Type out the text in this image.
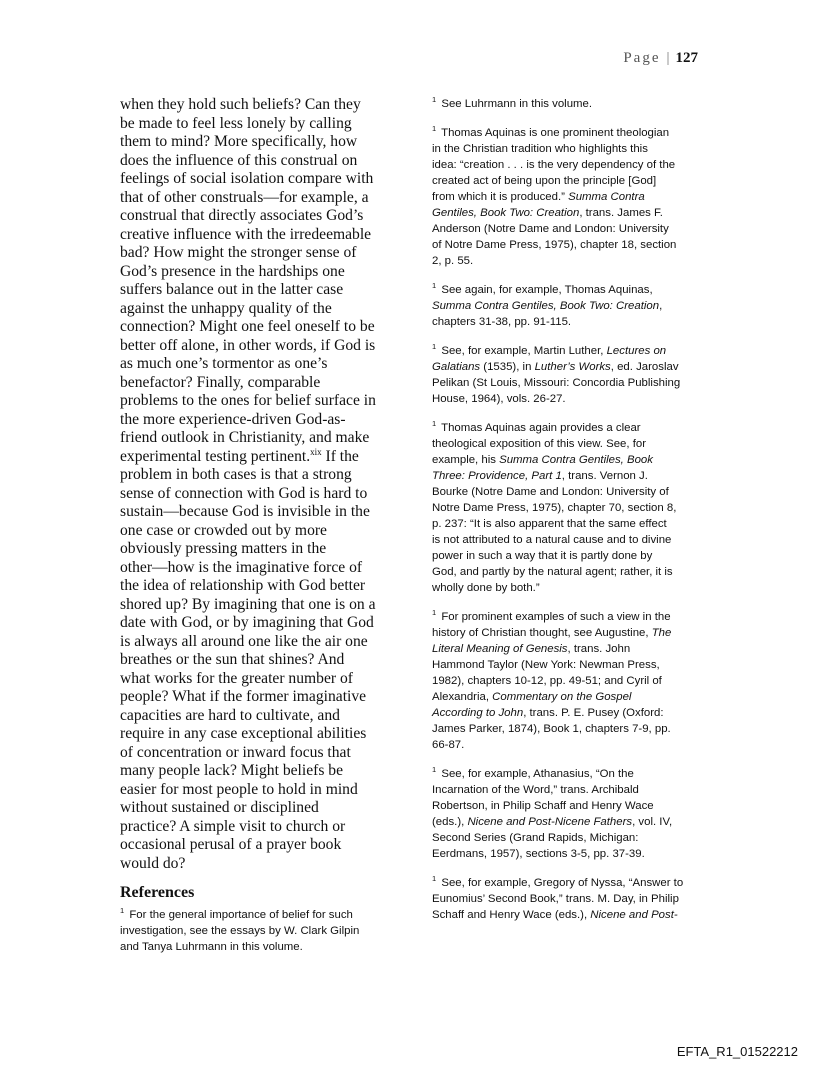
Page | 127
when they hold such beliefs? Can they
be made to feel less lonely by calling
them to mind? More specifically, how
does the influence of this construal on
feelings of social isolation compare with
that of other construals—for example, a
construal that directly associates God’s
creative influence with the irredeemable
bad? How might the stronger sense of
God’s presence in the hardships one
suffers balance out in the latter case
against the unhappy quality of the
connection? Might one feel oneself to be
better off alone, in other words, if God is
as much one’s tormentor as one’s
benefactor? Finally, comparable
problems to the ones for belief surface in
the more experience-driven God-as-
friend outlook in Christianity, and make
experimental testing pertinent.$^{xix}$ If the
problem in both cases is that a strong
sense of connection with God is hard to
sustain—because God is invisible in the
one case or crowded out by more
obviously pressing matters in the
other—how is the imaginative force of
the idea of relationship with God better
shored up? By imagining that one is on a
date with God, or by imagining that God
is always all around one like the air one
breathes or the sun that shines? And
what works for the greater number of
people? What if the former imaginative
capacities are hard to cultivate, and
require in any case exceptional abilities
of concentration or inward focus that
many people lack? Might beliefs be
easier for most people to hold in mind
without sustained or disciplined
practice? A simple visit to church or
occasional perusal of a prayer book
would do?
References
$^1$ For the general importance of belief for such
investigation, see the essays by W. Clark Gilpin
and Tanya Luhrmann in this volume.
$^1$ See Luhrmann in this volume.
$^1$ Thomas Aquinas is one prominent theologian
in the Christian tradition who highlights this
idea: “creation . . . is the very dependency of the
created act of being upon the principle [God]
from which it is produced.” Summa Contra
Gentiles, Book Two: Creation, trans. James F.
Anderson (Notre Dame and London: University
of Notre Dame Press, 1975), chapter 18, section
2, p. 55.
$^1$ See again, for example, Thomas Aquinas,
Summa Contra Gentiles, Book Two: Creation,
chapters 31-38, pp. 91-115.
$^1$ See, for example, Martin Luther, Lectures on
Galatians (1535), in Luther’s Works, ed. Jaroslav
Pelikan (St Louis, Missouri: Concordia Publishing
House, 1964), vols. 26-27.
$^1$ Thomas Aquinas again provides a clear
theological exposition of this view. See, for
example, his Summa Contra Gentiles, Book
Three: Providence, Part 1, trans. Vernon J.
Bourke (Notre Dame and London: University of
Notre Dame Press, 1975), chapter 70, section 8,
p. 237: “It is also apparent that the same effect
is not attributed to a natural cause and to divine
power in such a way that it is partly done by
God, and partly by the natural agent; rather, it is
wholly done by both.”
$^1$ For prominent examples of such a view in the
history of Christian thought, see Augustine, The
Literal Meaning of Genesis, trans. John
Hammond Taylor (New York: Newman Press,
1982), chapters 10-12, pp. 49-51; and Cyril of
Alexandria, Commentary on the Gospel
According to John, trans. P. E. Pusey (Oxford:
James Parker, 1874), Book 1, chapters 7-9, pp.
66-87.
$^1$ See, for example, Athanasius, “On the
Incarnation of the Word,” trans. Archibald
Robertson, in Philip Schaff and Henry Wace
(eds.), Nicene and Post-Nicene Fathers, vol. IV,
Second Series (Grand Rapids, Michigan:
Eerdmans, 1957), sections 3-5, pp. 37-39.
$^1$ See, for example, Gregory of Nyssa, “Answer to
Eunomius’ Second Book,” trans. M. Day, in Philip
Schaff and Henry Wace (eds.), Nicene and Post-
EFTA_R1_01522212
